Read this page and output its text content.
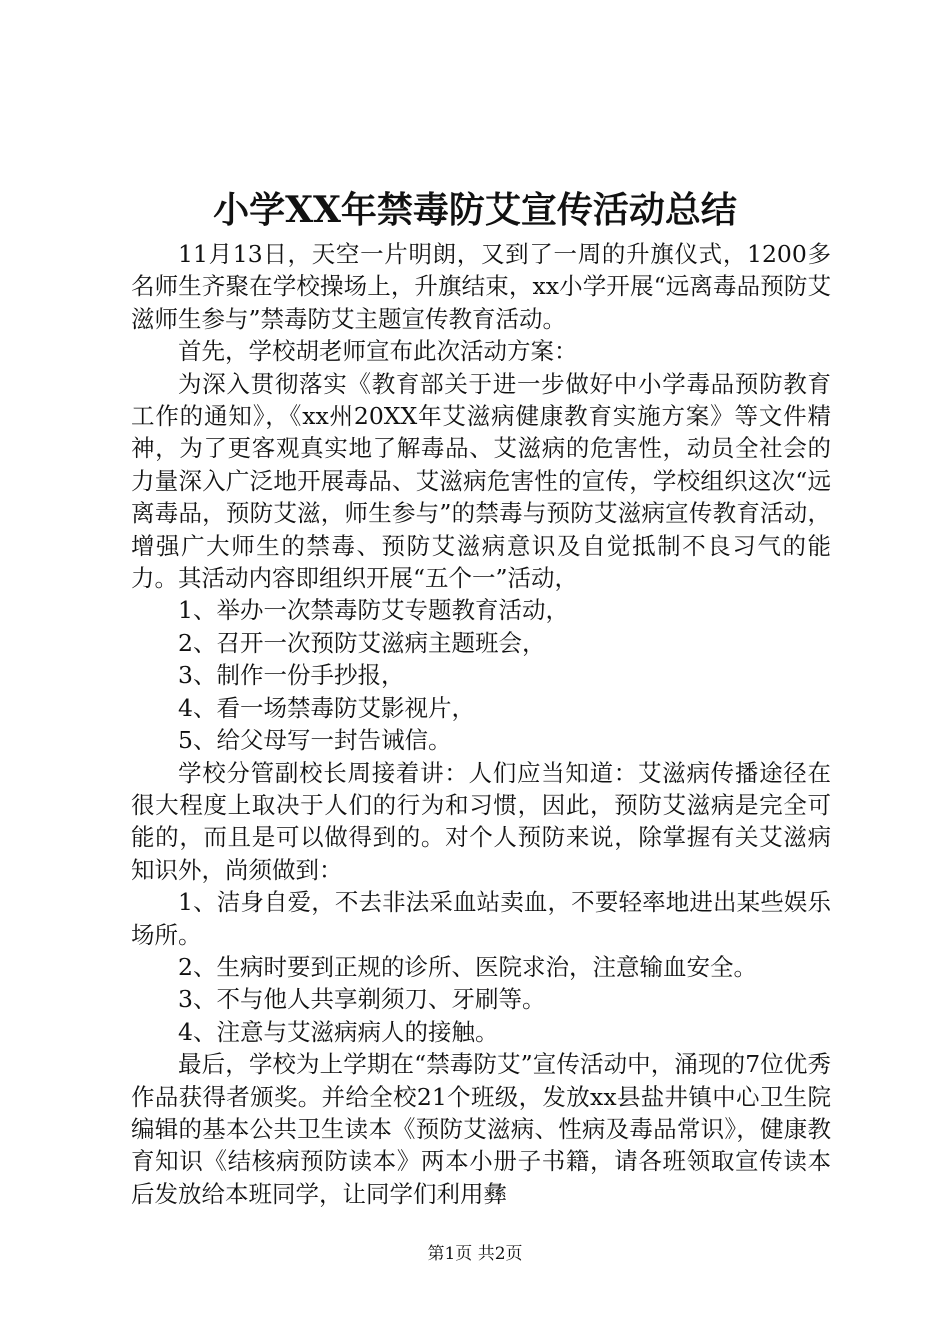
小学XX年禁毒防艾宣传活动总结

11月13日，天空一片明朗，又到了一周的升旗仪式，1200多名师生齐聚在学校操场上，升旗结束，xx小学开展“远离毒品预防艾滋师生参与”禁毒防艾主题宣传教育活动。

首先，学校胡老师宣布此次活动方案：

为深入贯彻落实《教育部关于进一步做好中小学毒品预防教育工作的通知》，《xx州20XX年艾滋病健康教育实施方案》等文件精神，为了更客观真实地了解毒品、艾滋病的危害性，动员全社会的力量深入广泛地开展毒品、艾滋病危害性的宣传，学校组织这次“远离毒品，预防艾滋，师生参与”的禁毒与预防艾滋病宣传教育活动，增强广大师生的禁毒、预防艾滋病意识及自觉抵制不良习气的能力。其活动内容即组织开展“五个一”活动，

1、举办一次禁毒防艾专题教育活动，

2、召开一次预防艾滋病主题班会，

3、制作一份手抄报，

4、看一场禁毒防艾影视片，

5、给父母写一封告诫信。

学校分管副校长周接着讲：人们应当知道：艾滋病传播途径在很大程度上取决于人们的行为和习惯，因此，预防艾滋病是完全可能的，而且是可以做得到的。对个人预防来说，除掌握有关艾滋病知识外，尚须做到：

1、洁身自爱，不去非法采血站卖血，不要轻率地进出某些娱乐场所。

2、生病时要到正规的诊所、医院求治，注意输血安全。

3、不与他人共享剃须刀、牙刷等。

4、注意与艾滋病病人的接触。

最后，学校为上学期在“禁毒防艾”宣传活动中，涌现的7位优秀作品获得者颁奖。并给全校21个班级，发放xx县盐井镇中心卫生院编辑的基本公共卫生读本《预防艾滋病、性病及毒品常识》，健康教育知识《结核病预防读本》两本小册子书籍，请各班领取宣传读本后发放给本班同学，让同学们利用彝

第1页 共2页
